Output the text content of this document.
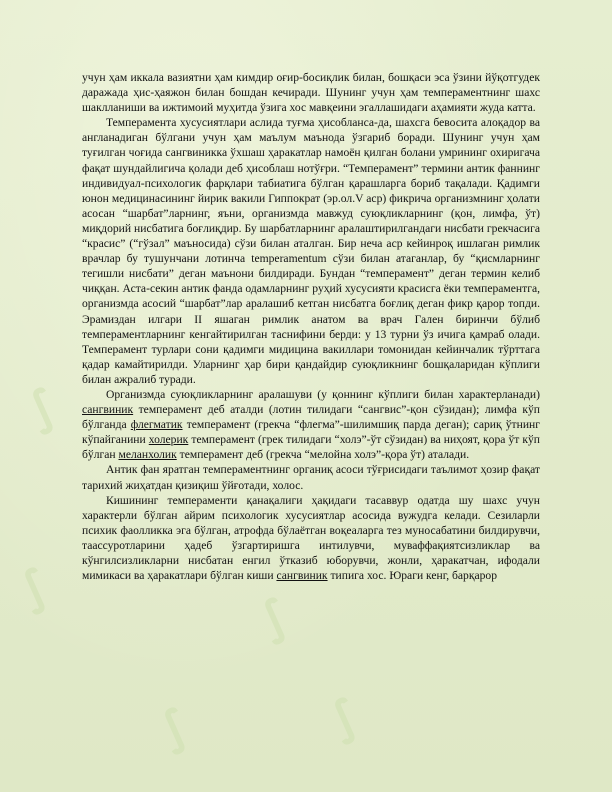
∫
∫
∫
∫
∫

учун ҳам иккала вазиятни ҳам кимдир оғир-босиқлик билан, бошқаси эса ўзини йўқотгудек даражада ҳис-ҳаяжон билан бошдан кечиради. Шунинг учун ҳам темпераментнинг шахс шаклланиши ва ижтимоий муҳитда ўзига хос мавқеини эгаллашидаги аҳамияти жуда катта.

Темперамента хусусиятлари аслида туғма ҳисобланса-да, шахсга бевосита алоқадор ва англанадиган бўлгани учун ҳам маълум маънода ўзгариб боради. Шунинг учун ҳам туғилган чоғида сангвиникка ўхшаш ҳаракатлар намоён қилган болани умрининг охиригача фақат шундайлигича қолади деб ҳисоблаш нотўғри. “Темперамент” термини антик фаннинг индивидуал-психологик фарқлари табиатига бўлган қарашларга бориб тақалади. Қадимги юнон медицинасининг йирик вакили Гиппократ (эр.ол.V аср) фикрича организмнинг ҳолати асосан “шарбат”ларнинг, яъни, организмда мавжуд суюқликларнинг (қон, лимфа, ўт) миқдорий нисбатига боғлиқдир. Бу шарбатларнинг аралаштирилгандаги нисбати грекчасига “красис” (“гўзал” маъносида) сўзи билан аталган. Бир неча аср кейинроқ ишлаган римлик врачлар бу тушунчани лотинча temperamentum сўзи билан атаганлар, бу “қисмларнинг тегишли нисбати” деган маънони билдиради. Бундан “темперамент” деган термин келиб чиққан. Аста-секин антик фанда одамларнинг руҳий хусусияти красисга ёки темпераментга, организмда асосий “шарбат”лар аралашиб кетган нисбатга боғлиқ деган фикр қарор топди. Эрамиздан илгари II яшаган римлик анатом ва врач Гален биринчи бўлиб темпераментларнинг кенгайтирилган таснифини берди: у 13 турни ўз ичига қамраб олади. Темперамент турлари сони қадимги мидицина вакиллари томонидан кейинчалик тўрттага қадар камайтирилди. Уларнинг ҳар бири қандайдир суюқликнинг бошқаларидан кўплиги билан ажралиб туради.

Организмда суюқликларнинг аралашуви (у қоннинг кўплиги билан характерланади) сангвиник темперамент деб аталди (лотин тилидаги “сангвис”-қон сўзидан); лимфа кўп бўлганда флегматик темперамент (грекча “флегма”-шилимшиқ парда деган); сариқ ўтнинг кўпайганини холерик темперамент (грек тилидаги “холэ”-ўт сўзидан) ва ниҳоят, қора ўт кўп бўлган меланхолик темперамент деб (грекча “мелойна холэ”-қора ўт) аталади.

Антик фан яратган темпераментнинг органиқ асоси тўғрисидаги таълимот ҳозир фақат тарихий жиҳатдан қизиқиш ўйғотади, холос.

Кишининг темпераменти қанақалиги ҳақидаги тасаввур одатда шу шахс учун характерли бўлган айрим психологик хусусиятлар асосида вужудга келади. Сезиларли психик фаолликка эга бўлган, атрофда бўлаётган воқеаларга тез муносабатини билдирувчи, таассуротларини ҳадеб ўзгартиришга интилувчи, муваффақиятсизликлар ва кўнгилсизликларни нисбатан енгил ўтказиб юборувчи, жонли, ҳаракатчан, ифодали мимикаси ва ҳаракатлари бўлган киши сангвиник типига хос. Юраги кенг, барқарор
